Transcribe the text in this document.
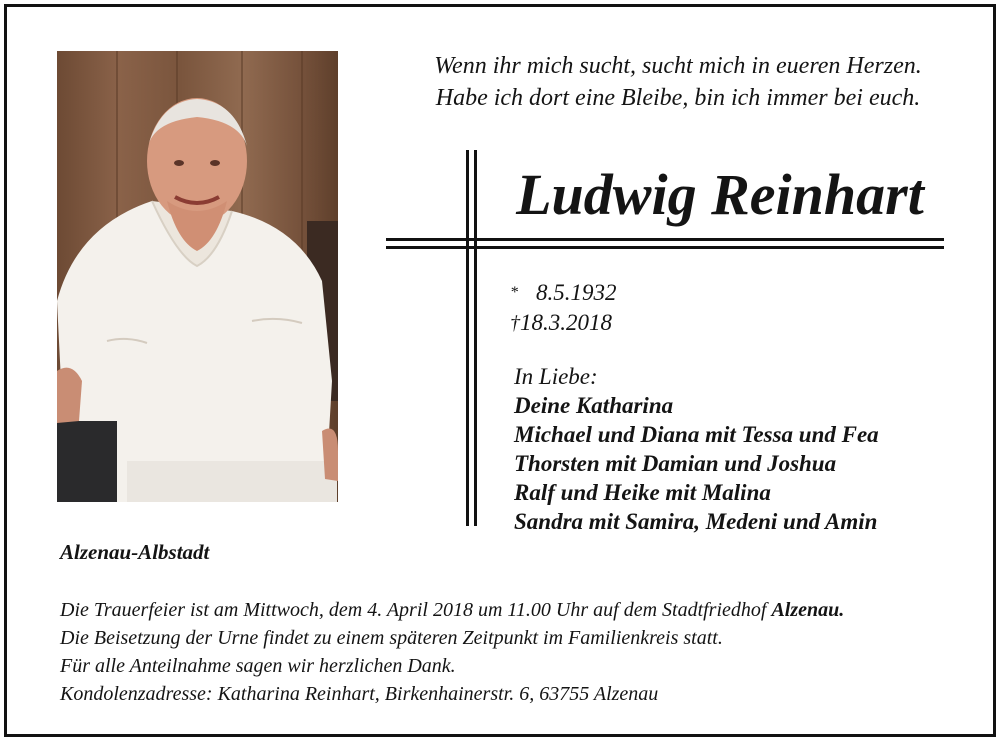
Wenn ihr mich sucht, sucht mich in eueren Herzen.
Habe ich dort eine Bleibe, bin ich immer bei euch.
Ludwig Reinhart
* 8.5.1932
†18.3.2018
In Liebe:
Deine Katharina
Michael und Diana mit Tessa und Fea
Thorsten mit Damian und Joshua
Ralf und Heike mit Malina
Sandra mit Samira, Medeni und Amin
Alzenau-Albstadt
Die Trauerfeier ist am Mittwoch, dem 4. April 2018 um 11.00 Uhr auf dem Stadtfriedhof Alzenau.
Die Beisetzung der Urne findet zu einem späteren Zeitpunkt im Familienkreis statt.
Für alle Anteilnahme sagen wir herzlichen Dank.
Kondolenzadresse: Katharina Reinhart, Birkenhainerstr. 6, 63755 Alzenau
